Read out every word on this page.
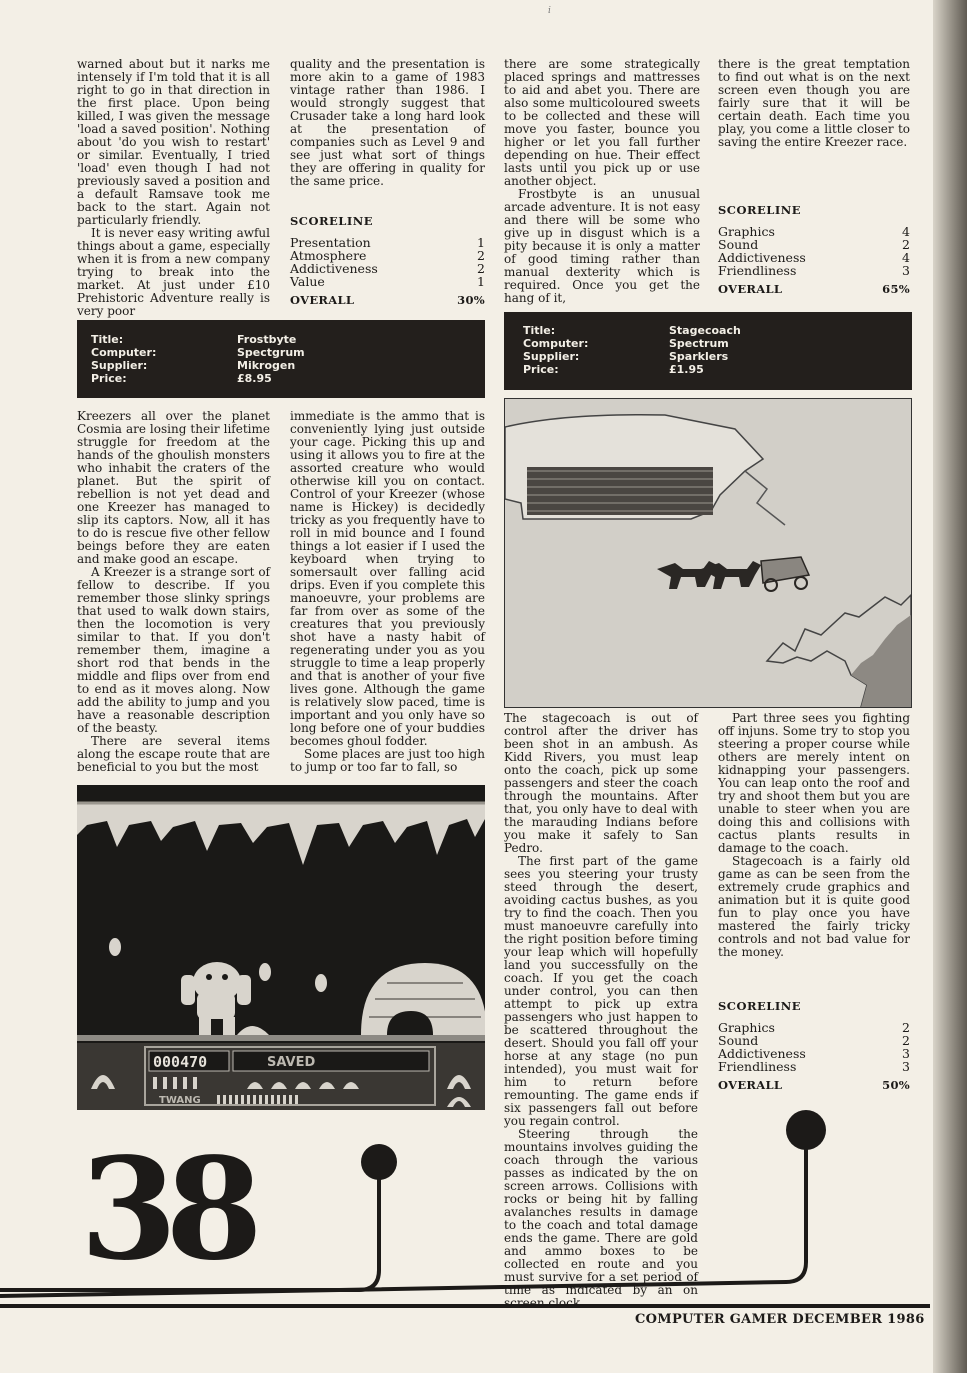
i

warned about but it narks me intensely if I'm told that it is all right to go in that direction in the first place. Upon being killed, I was given the message 'load a saved position'. Nothing about 'do you wish to restart' or similar. Eventually, I tried 'load' even though I had not previously saved a position and a default Ramsave took me back to the start. Again not particularly friendly.

It is never easy writing awful things about a game, especially when it is from a new company trying to break into the market. At just under £10 Prehistoric Adventure really is very poor

quality and the presentation is more akin to a game of 1983 vintage rather than 1986. I would strongly suggest that Crusader take a long hard look at the presentation of companies such as Level 9 and see just what sort of things they are offering in quality for the same price.

SCORELINE
Presentation	1
Atmosphere	2
Addictiveness	2
Value	1
OVERALL	30%

there are some strategically placed springs and mattresses to aid and abet you. There are also some multicoloured sweets to be collected and these will move you faster, bounce you higher or let you fall further depending on hue. Their effect lasts until you pick up or use another object.

Frostbyte is an unusual arcade adventure. It is not easy and there will be some who give up in disgust which is a pity because it is only a matter of good timing rather than manual dexterity which is required. Once you get the hang of it,

there is the great temptation to find out what is on the next screen even though you are fairly sure that it will be certain death. Each time you play, you come a little closer to saving the entire Kreezer race.

SCORELINE
Graphics	4
Sound	2
Addictiveness	4
Friendliness	3
OVERALL	65%
Title:	Frostbyte
Computer:	Spectgrum
Supplier:	Mikrogen
Price:	£8.95
Title:	Stagecoach
Computer:	Spectrum
Supplier:	Sparklers
Price:	£1.95

Kreezers all over the planet Cosmia are losing their lifetime struggle for freedom at the hands of the ghoulish monsters who inhabit the craters of the planet. But the spirit of rebellion is not yet dead and one Kreezer has managed to slip its captors. Now, all it has to do is rescue five other fellow beings before they are eaten and make good an escape.

A Kreezer is a strange sort of fellow to describe. If you remember those slinky springs that used to walk down stairs, then the locomotion is very similar to that. If you don't remember them, imagine a short rod that bends in the middle and flips over from end to end as it moves along. Now add the ability to jump and you have a reasonable description of the beasty.

There are several items along the escape route that are beneficial to you but the most

immediate is the ammo that is conveniently lying just outside your cage. Picking this up and using it allows you to fire at the assorted creature who would otherwise kill you on contact. Control of your Kreezer (whose name is Hickey) is decidedly tricky as you frequently have to roll in mid bounce and I found things a lot easier if I used the keyboard when trying to somersault over falling acid drips. Even if you complete this manoeuvre, your problems are far from over as some of the creatures that you previously shot have a nasty habit of regenerating under you as you struggle to time a leap properly and that is another of your five lives gone. Although the game is relatively slow paced, time is important and you only have so long before one of your buddies becomes ghoul fodder.

Some places are just too high to jump or too far to fall, so

000470	SAVED
TWANG

The stagecoach is out of control after the driver has been shot in an ambush. As Kidd Rivers, you must leap onto the coach, pick up some passengers and steer the coach through the mountains. After that, you only have to deal with the marauding Indians before you make it safely to San Pedro.

The first part of the game sees you steering your trusty steed through the desert, avoiding cactus bushes, as you try to find the coach. Then you must manoeuvre carefully into the right position before timing your leap which will hopefully land you successfully on the coach. If you get the coach under control, you can then attempt to pick up extra passengers who just happen to be scattered throughout the desert. Should you fall off your horse at any stage (no pun intended), you must wait for him to return before remounting. The game ends if six passengers fall out before you regain control.

Steering through the mountains involves guiding the coach through the various passes as indicated by the on screen arrows. Collisions with rocks or being hit by falling avalanches results in damage to the coach and total damage ends the game. There are gold and ammo boxes to be collected en route and you must survive for a set period of time as indicated by an on screen clock.

Part three sees you fighting off injuns. Some try to stop you steering a proper course while others are merely intent on kidnapping your passengers. You can leap onto the roof and try and shoot them but you are unable to steer when you are doing this and collisions with cactus plants results in damage to the coach.

Stagecoach is a fairly old game as can be seen from the extremely crude graphics and animation but it is quite good fun to play once you have mastered the fairly tricky controls and not bad value for the money.

SCORELINE
Graphics	2
Sound	2
Addictiveness	3
Friendliness	3
OVERALL	50%
38
COMPUTER GAMER DECEMBER 1986
